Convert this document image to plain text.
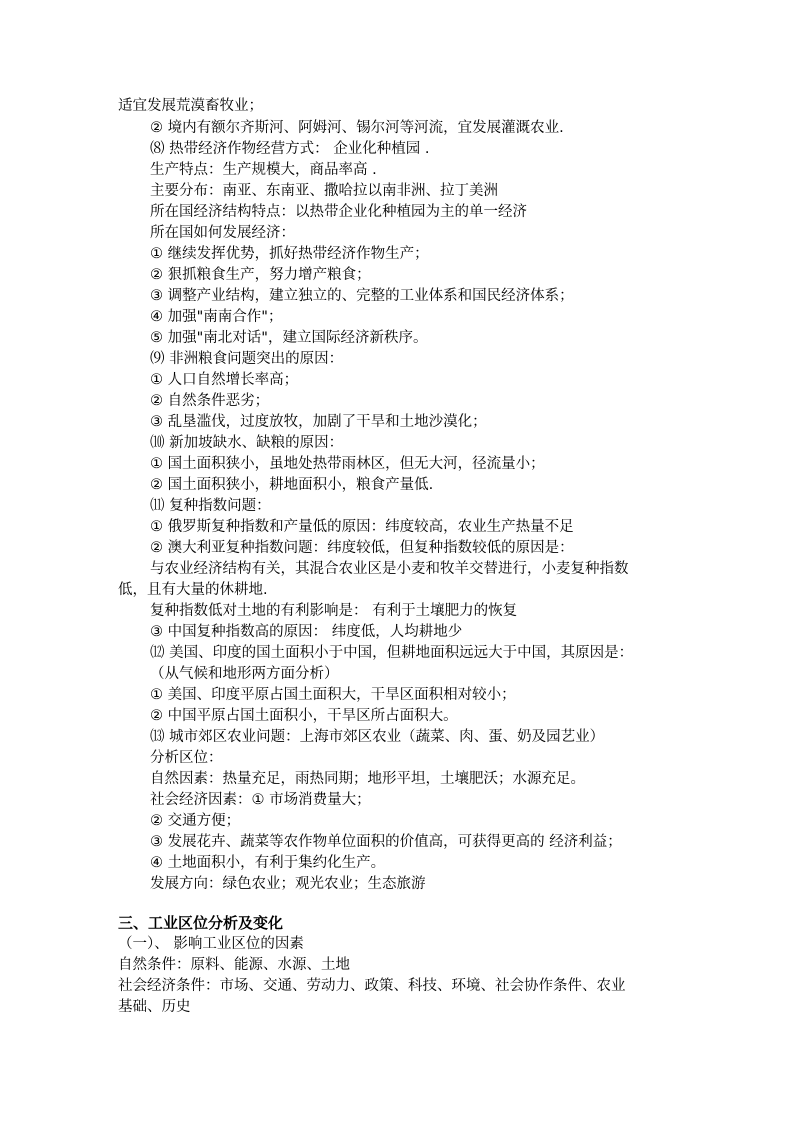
适宜发展荒漠畜牧业；
② 境内有额尔齐斯河、阿姆河、锡尔河等河流，宜发展灌溉农业.
⑻ 热带经济作物经营方式： 企业化种植园 .
生产特点：生产规模大，商品率高 .
主要分布：南亚、东南亚、撒哈拉以南非洲、拉丁美洲
所在国经济结构特点：以热带企业化种植园为主的单一经济
所在国如何发展经济：
① 继续发挥优势，抓好热带经济作物生产；
② 狠抓粮食生产，努力增产粮食；
③ 调整产业结构，建立独立的、完整的工业体系和国民经济体系；
④ 加强"南南合作"；
⑤ 加强"南北对话"，建立国际经济新秩序。
⑼ 非洲粮食问题突出的原因：
① 人口自然增长率高；
② 自然条件恶劣；
③ 乱垦滥伐，过度放牧，加剧了干旱和土地沙漠化；
⑽ 新加坡缺水、缺粮的原因：
① 国土面积狭小，虽地处热带雨林区，但无大河，径流量小；
② 国土面积狭小，耕地面积小，粮食产量低.
⑾ 复种指数问题：
① 俄罗斯复种指数和产量低的原因：纬度较高，农业生产热量不足
② 澳大利亚复种指数问题：纬度较低，但复种指数较低的原因是：
与农业经济结构有关，其混合农业区是小麦和牧羊交替进行，小麦复种指数
低，且有大量的休耕地.
复种指数低对土地的有利影响是： 有利于土壤肥力的恢复
③ 中国复种指数高的原因： 纬度低，人均耕地少
⑿ 美国、印度的国土面积小于中国，但耕地面积远远大于中国，其原因是：
（从气候和地形两方面分析）
① 美国、印度平原占国土面积大，干旱区面积相对较小；
② 中国平原占国土面积小，干旱区所占面积大。
⒀ 城市郊区农业问题：上海市郊区农业（蔬菜、肉、蛋、奶及园艺业）
分析区位：
自然因素：热量充足，雨热同期；地形平坦，土壤肥沃；水源充足。
社会经济因素：① 市场消费量大；
② 交通方便；
③ 发展花卉、蔬菜等农作物单位面积的价值高，可获得更高的 经济利益；
④ 土地面积小，有利于集约化生产。
发展方向：绿色农业；观光农业；生态旅游
三、工业区位分析及变化
（一）、 影响工业区位的因素
自然条件：原料、能源、水源、土地
社会经济条件：市场、交通、劳动力、政策、科技、环境、社会协作条件、农业
基础、历史
